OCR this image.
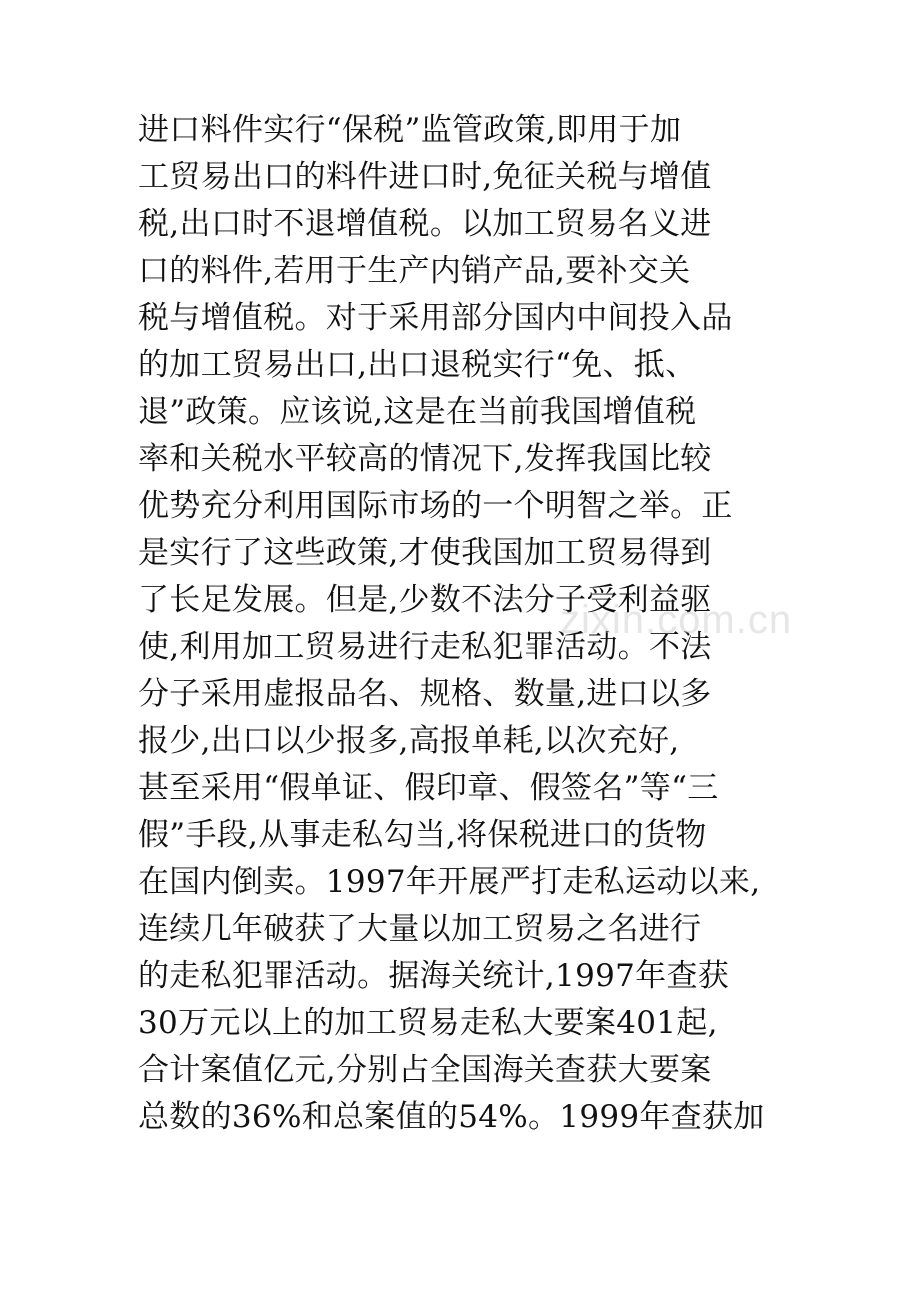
进口料件实行“保税”监管政策,即用于加
工贸易出口的料件进口时,免征关税与增值
税,出口时不退增值税。以加工贸易名义进
口的料件,若用于生产内销产品,要补交关
税与增值税。对于采用部分国内中间投入品
的加工贸易出口,出口退税实行“免、抵、
退”政策。应该说,这是在当前我国增值税
率和关税水平较高的情况下,发挥我国比较
优势充分利用国际市场的一个明智之举。正
是实行了这些政策,才使我国加工贸易得到
了长足发展。但是,少数不法分子受利益驱
使,利用加工贸易进行走私犯罪活动。不法
分子采用虚报品名、规格、数量,进口以多
报少,出口以少报多,高报单耗,以次充好,
甚至采用“假单证、假印章、假签名”等“三
假”手段,从事走私勾当,将保税进口的货物
在国内倒卖。1997年开展严打走私运动以来,
连续几年破获了大量以加工贸易之名进行
的走私犯罪活动。据海关统计,1997年查获
30万元以上的加工贸易走私大要案401起,
合计案值亿元,分别占全国海关查获大要案
总数的36%和总案值的54%。1999年查获加
zixin.com.cn
